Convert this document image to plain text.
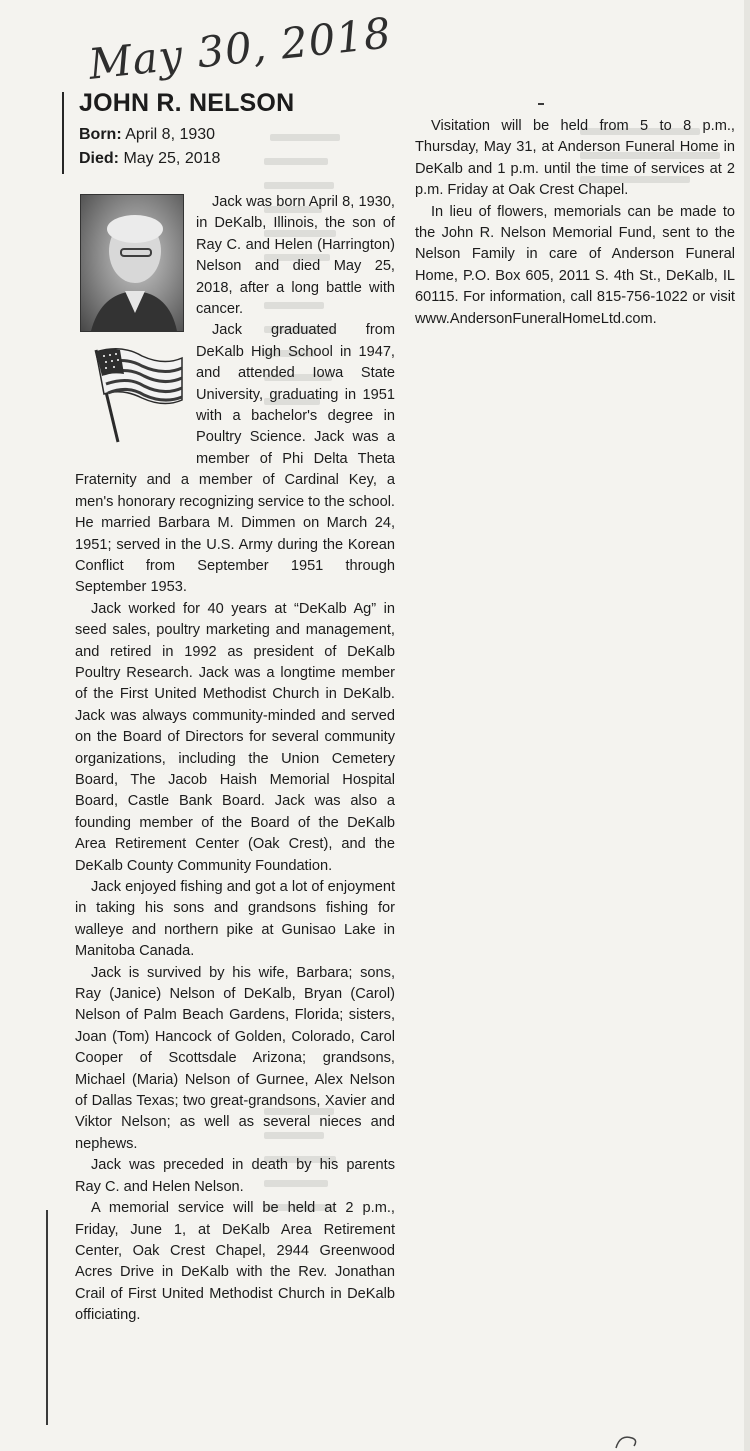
May 30, 2018
JOHN R. NELSON
Born: April 8, 1930
Died: May 25, 2018

Jack was born April 8, 1930, in DeKalb, Illinois, the son of Ray C. and Helen (Harrington) Nelson and died May 25, 2018, after a long battle with cancer.

Jack graduated from DeKalb High School in 1947, and attended Iowa State University, graduating in 1951 with a bachelor's degree in Poultry Science. Jack was a member of Phi Delta Theta Fraternity and a member of Cardinal Key, a men's honorary recognizing service to the school. He married Barbara M. Dimmen on March 24, 1951; served in the U.S. Army during the Korean Conflict from September 1951 through September 1953.

Jack worked for 40 years at “DeKalb Ag” in seed sales, poultry marketing and management, and retired in 1992 as president of DeKalb Poultry Research. Jack was a longtime member of the First United Methodist Church in DeKalb. Jack was always community-minded and served on the Board of Directors for several community organizations, including the Union Cemetery Board, The Jacob Haish Memorial Hospital Board, Castle Bank Board. Jack was also a founding member of the Board of the DeKalb Area Retirement Center (Oak Crest), and the DeKalb County Community Foundation.

Jack enjoyed fishing and got a lot of enjoyment in taking his sons and grandsons fishing for walleye and northern pike at Gunisao Lake in Manitoba Canada.

Jack is survived by his wife, Barbara; sons, Ray (Janice) Nelson of DeKalb, Bryan (Carol) Nelson of Palm Beach Gardens, Florida; sisters, Joan (Tom) Hancock of Golden, Colorado, Carol Cooper of Scottsdale Arizona; grandsons, Michael (Maria) Nelson of Gurnee, Alex Nelson of Dallas Texas; two great-grandsons, Xavier and Viktor Nelson; as well as several nieces and nephews.

Jack was preceded in death by his parents Ray C. and Helen Nelson.

A memorial service will be held at 2 p.m., Friday, June 1, at DeKalb Area Retirement Center, Oak Crest Chapel, 2944 Greenwood Acres Drive in DeKalb with the Rev. Jonathan Crail of First United Methodist Church in DeKalb officiating.

Visitation will be held from 5 to 8 p.m., Thursday, May 31, at Anderson Funeral Home in DeKalb and 1 p.m. until the time of services at 2 p.m. Friday at Oak Crest Chapel.

In lieu of flowers, memorials can be made to the John R. Nelson Memorial Fund, sent to the Nelson Family in care of Anderson Funeral Home, P.O. Box 605, 2011 S. 4th St., DeKalb, IL 60115. For information, call 815-756-1022 or visit www.AndersonFuneralHomeLtd.com.
